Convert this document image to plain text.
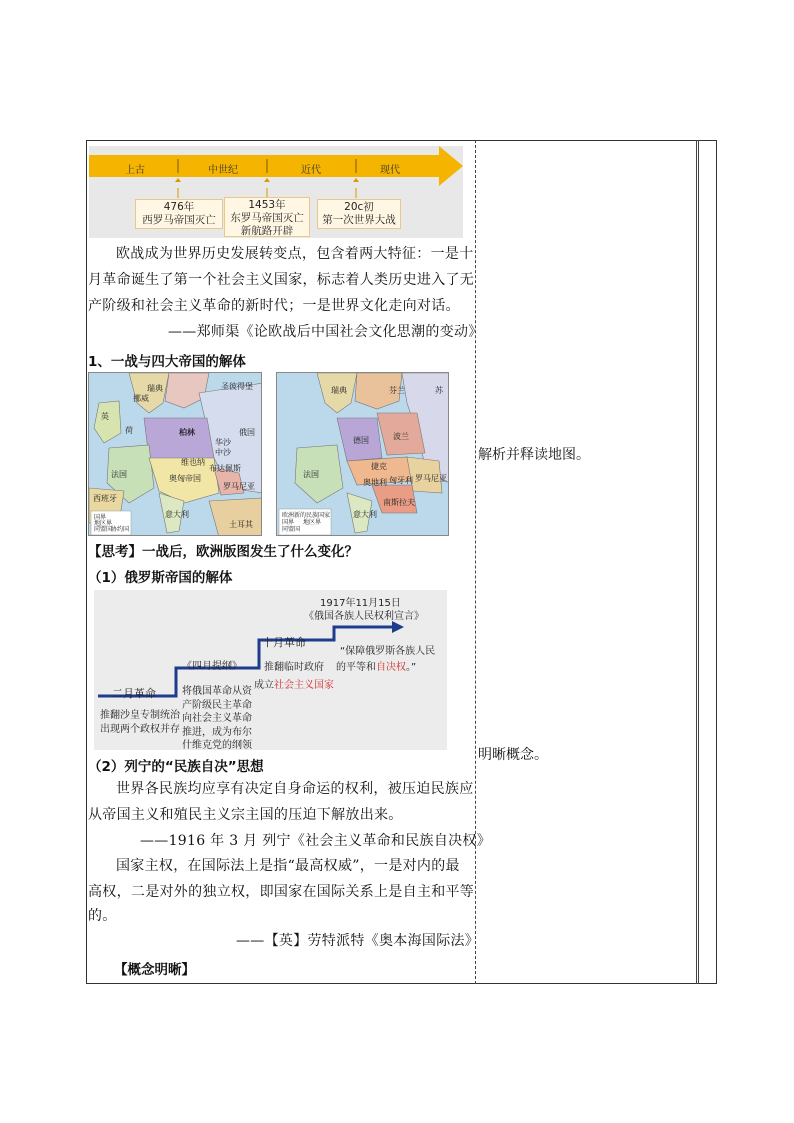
上古	中世纪	近代	现代
476年
西罗马帝国灭亡
1453年
东罗马帝国灭亡
新航路开辟
20c初
第一次世界大战
欧战成为世界历史发展转变点，包含着两大特征：一是十
月革命诞生了第一个社会主义国家，标志着人类历史进入了无
产阶级和社会主义革命的新时代；一是世界文化走向对话。
——郑师渠《论欧战后中国社会文化思潮的变动》
1、一战与四大帝国的解体
瑞典
挪威
英
荷	柏林
圣彼得堡
俄国
华沙
中沙
法国
维也纳
布达佩斯
奥匈帝国
罗马尼亚
西班牙
意大利
土耳其
国界
地区界
同盟国
协约国
瑞典	芬兰	苏
波兰
捷克
德国
法国
奥地利 匈牙利 罗马尼亚
南斯拉夫
意大利
欧洲新的民族国家
国界 地区界
同盟国
【思考】一战后，欧洲版图发生了什么变化？
（1）俄罗斯帝国的解体
1917年11月15日
《俄国各族人民权利宣言》
十月革命
《四月提纲》 推翻临时政府
二月革命
成立社会主义国家
“保障俄罗斯各族人民
的平等和自决权。”
推翻沙皇专制统治
出现两个政权并存
将俄国革命从资
产阶级民主革命
向社会主义革命
推进，成为布尔
什维克党的纲领
（2）列宁的“民族自决”思想
世界各民族均应享有决定自身命运的权利，被压迫民族应
从帝国主义和殖民主义宗主国的压迫下解放出来。
——1916 年 3 月 列宁《社会主义革命和民族自决权》
国家主权，在国际法上是指“最高权威”，一是对内的最
高权，二是对外的独立权，即国家在国际关系上是自主和平等
的。
——【英】劳特派特《奥本海国际法》
【概念明晰】
解析并释读地图。
明晰概念。
